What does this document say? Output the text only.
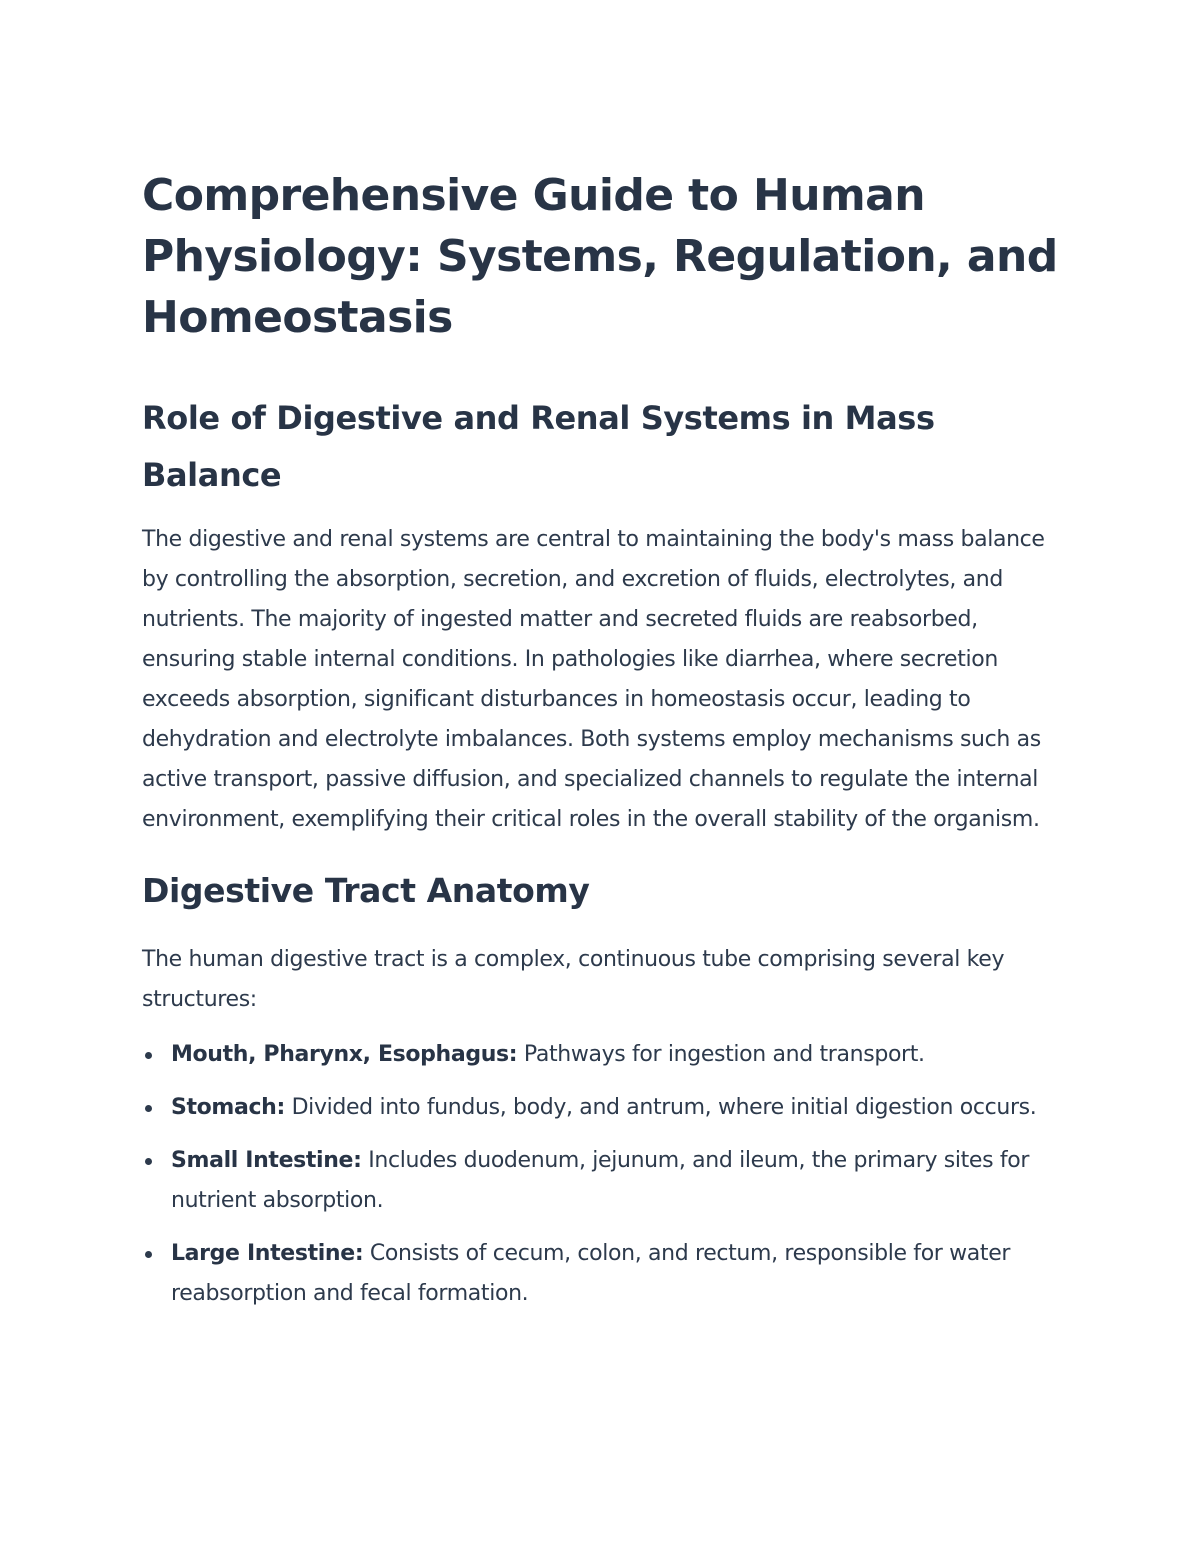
Comprehensive Guide to Human Physiology: Systems, Regulation, and Homeostasis
Role of Digestive and Renal Systems in Mass Balance

The digestive and renal systems are central to maintaining the body's mass balance by controlling the absorption, secretion, and excretion of fluids, electrolytes, and nutrients. The majority of ingested matter and secreted fluids are reabsorbed, ensuring stable internal conditions. In pathologies like diarrhea, where secretion exceeds absorption, significant disturbances in homeostasis occur, leading to dehydration and electrolyte imbalances. Both systems employ mechanisms such as active transport, passive diffusion, and specialized channels to regulate the internal environment, exemplifying their critical roles in the overall stability of the organism.

Digestive Tract Anatomy

The human digestive tract is a complex, continuous tube comprising several key structures:

Mouth, Pharynx, Esophagus: Pathways for ingestion and transport.
Stomach: Divided into fundus, body, and antrum, where initial digestion occurs.
Small Intestine: Includes duodenum, jejunum, and ileum, the primary sites for nutrient absorption.
Large Intestine: Consists of cecum, colon, and rectum, responsible for water reabsorption and fecal formation.
